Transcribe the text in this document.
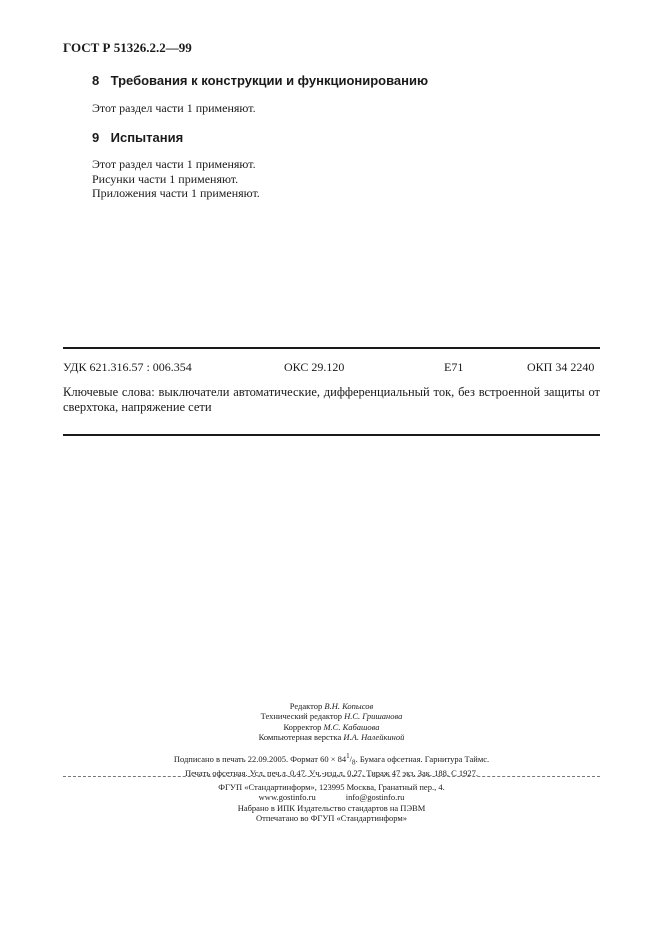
ГОСТ Р 51326.2.2—99
8 Требования к конструкции и функционированию
Этот раздел части 1 применяют.
9 Испытания
Этот раздел части 1 применяют.
Рисунки части 1 применяют.
Приложения части 1 применяют.
УДК 621.316.57 : 006.354	ОКС 29.120	Е71	ОКП 34 2240
Ключевые слова: выключатели автоматические, дифференциальный ток, без встроенной защиты от сверхтока, напряжение сети
Редактор В.Н. Копысов
Технический редактор Н.С. Гришанова
Корректор М.С. Кабашова
Компьютерная верстка И.А. Налейкиной
Подписано в печать 22.09.2005. Формат $60 \times 84^1/_8$. Бумага офсетная. Гарнитура Таймс.
Печать офсетная. Усл. печ.л. 0,47. Уч.-изд.л. 0,27. Тираж 47 экз. Зак. 188. С 1927.
ФГУП «Стандартинформ», 123995 Москва, Гранатный пер., 4.
www.gostinfo.ru	info@gostinfo.ru
Набрано в ИПК Издательство стандартов на ПЭВМ
Отпечатано во ФГУП «Стандартинформ»
